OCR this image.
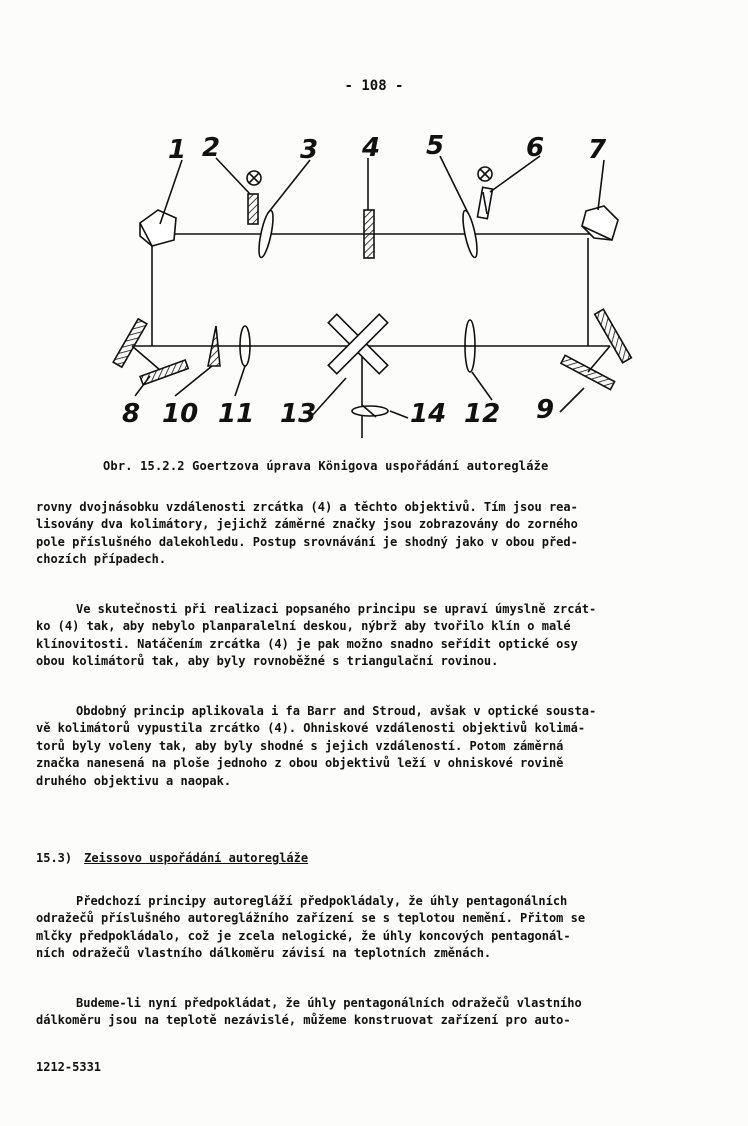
- 108 -
1 2	3 4 5	6 7
8 10 11 13	14 12 9
Obr. 15.2.2 Goertzova úprava Königova uspořádání autoreglážе
rovny dvojnásobku vzdálenosti zrcátka (4) a těchto objektivů. Tím jsou rea-
lisovány dva kolimátory, jejichž záměrné značky jsou zobrazovány do zorného
pole příslušného dalekohledu. Postup srovnávání je shodný jako v obou před-
chozích případech.
Ve skutečnosti při realizaci popsaného principu se upraví úmyslně zrcát-
ko (4) tak, aby nebylo planparalelní deskou, nýbrž aby tvořilo klín o malé
klínovitosti. Natáčením zrcátka (4) je pak možno snadno seřídit optické osy
obou kolimátorů tak, aby byly rovnoběžné s triangulační rovinou.
Obdobný princip aplikovala i fa Barr and Stroud, avšak v optické sousta-
vě kolimátorů vypustila zrcátko (4). Ohniskové vzdálenosti objektivů kolimá-
torů byly voleny tak, aby byly shodné s jejich vzdáleností. Potom záměrná
značka nanesená na ploše jednoho z obou objektivů leží v ohniskové rovině
druhého objektivu a naopak.
15.3) Zeissovo uspořádání autoreglážе
Předchozí principy autoregláží předpokládaly, že úhly pentagonálních
odražečů příslušného autoreglážního zařízení se s teplotou nemění. Přitom se
mlčky předpokládalo, což je zcela nelogické, že úhly koncových pentagonál-
ních odražečů vlastního dálkoměru závisí na teplotních změnách.
Budeme-li nyní předpokládat, že úhly pentagonálních odražečů vlastního
dálkoměru jsou na teplotě nezávislé, můžeme konstruovat zařízení pro auto-
1212-5331
